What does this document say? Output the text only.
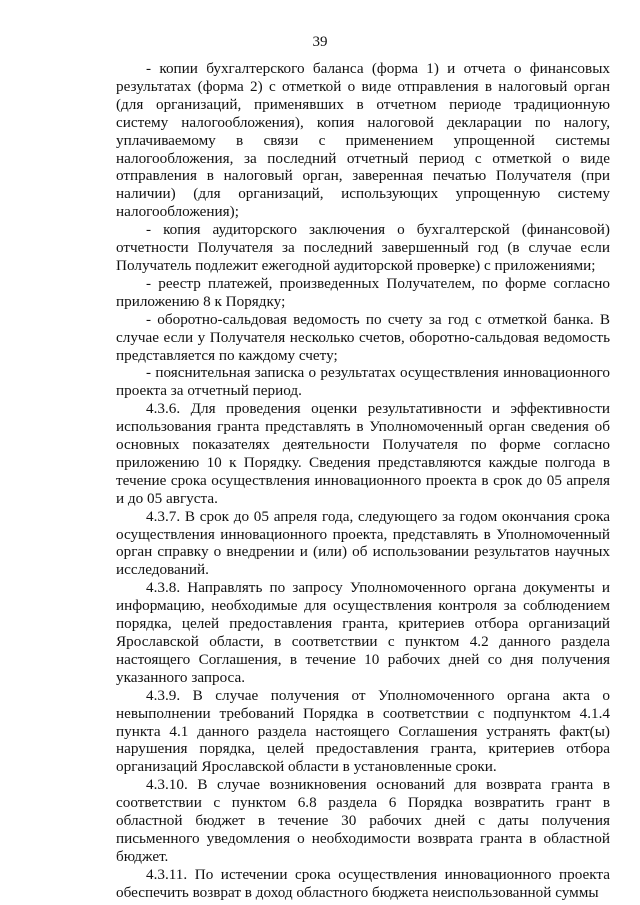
39

- копии бухгалтерского баланса (форма 1) и отчета о финансовых результатах (форма 2) с отметкой о виде отправления в налоговый орган (для организаций, применявших в отчетном периоде традиционную систему налогообложения), копия налоговой декларации по налогу, уплачиваемому в связи с применением упрощенной системы налогообложения, за последний отчетный период с отметкой о виде отправления в налоговый орган, заверенная печатью Получателя (при наличии) (для организаций, использующих упрощенную систему налогообложения);

- копия аудиторского заключения о бухгалтерской (финансовой) отчетности Получателя за последний завершенный год (в случае если Получатель подлежит ежегодной аудиторской проверке) с приложениями;

- реестр платежей, произведенных Получателем, по форме согласно приложению 8 к Порядку;

- оборотно-сальдовая ведомость по счету за год с отметкой банка. В случае если у Получателя несколько счетов, оборотно-сальдовая ведомость представляется по каждому счету;

- пояснительная записка о результатах осуществления инновационного проекта за отчетный период.

4.3.6. Для проведения оценки результативности и эффективности использования гранта представлять в Уполномоченный орган сведения об основных показателях деятельности Получателя по форме согласно приложению 10 к Порядку. Сведения представляются каждые полгода в течение срока осуществления инновационного проекта в срок до 05 апреля и до 05 августа.

4.3.7. В срок до 05 апреля года, следующего за годом окончания срока осуществления инновационного проекта, представлять в Уполномоченный орган справку о внедрении и (или) об использовании результатов научных исследований.

4.3.8. Направлять по запросу Уполномоченного органа документы и информацию, необходимые для осуществления контроля за соблюдением порядка, целей предоставления гранта, критериев отбора организаций Ярославской области, в соответствии с пунктом 4.2 данного раздела настоящего Соглашения, в течение 10 рабочих дней со дня получения указанного запроса.

4.3.9. В случае получения от Уполномоченного органа акта о невыполнении требований Порядка в соответствии с подпунктом 4.1.4 пункта 4.1 данного раздела настоящего Соглашения устранять факт(ы) нарушения порядка, целей предоставления гранта, критериев отбора организаций Ярославской области в установленные сроки.

4.3.10. В случае возникновения оснований для возврата гранта в соответствии с пунктом 6.8 раздела 6 Порядка возвратить грант в областной бюджет в течение 30 рабочих дней с даты получения письменного уведомления о необходимости возврата гранта в областной бюджет.

4.3.11. По истечении срока осуществления инновационного проекта обеспечить возврат в доход областного бюджета неиспользованной суммы
